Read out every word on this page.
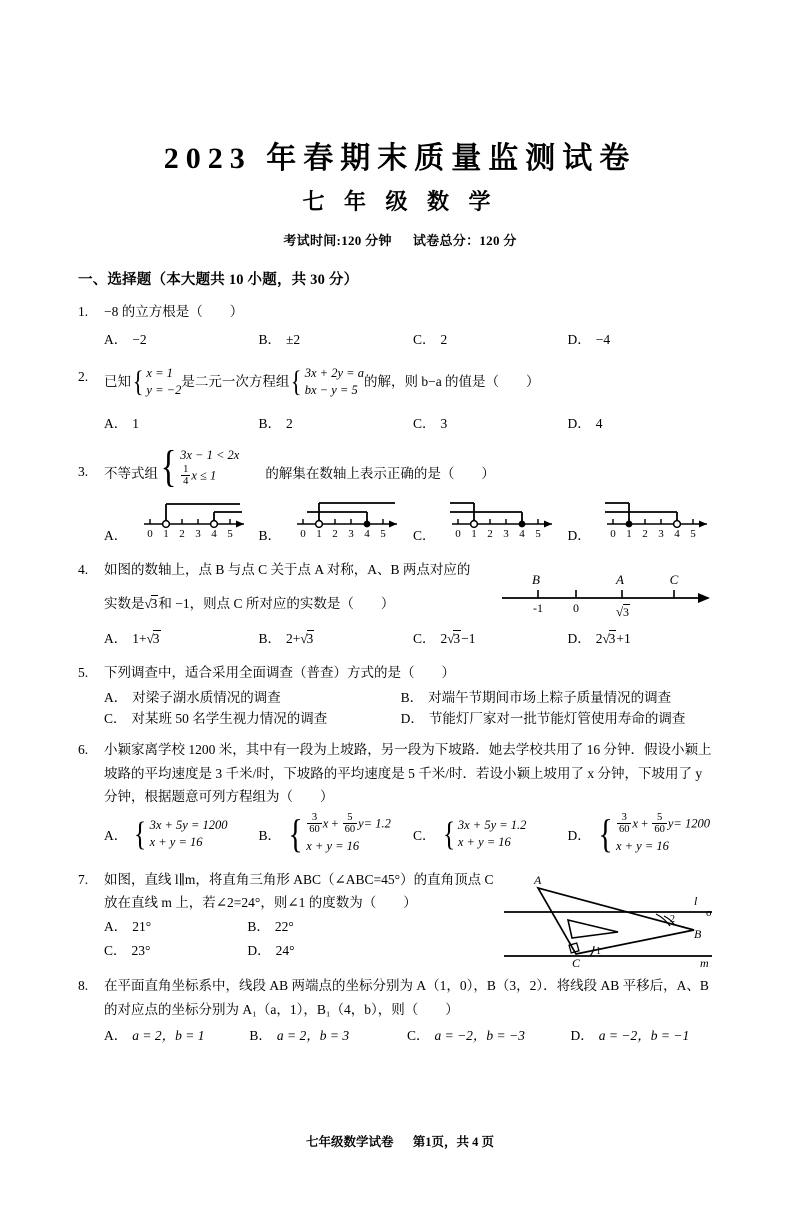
2023 年春期末质量监测试卷
七 年 级 数 学
考试时间:120 分钟 试卷总分：120 分
一、选择题（本大题共 10 小题，共 30 分）
1.	−8 的立方根是（　　）
A． −2	B． ±2	C． 2	D． −4
2.	已知 { x = 1
y = −2
是二元一次方程组 { 3x + 2y = a
bx − y = 5
的解，则 b−a 的值是（　　）
A． 1	B． 2	C． 3	D． 4
3.	不等式组 { 3x − 1 < 2x
$\frac{1}{4}$ x ≤ 1	的解集在数轴上表示正确的是（　　）
A． 0 1 2 3 4 5 B． 0 1 2 3 4 5 C． 0 1 2 3 4 5 D． 0 1 2 3 4 5
4.	如图的数轴上，点 B 与点 C 关于点 A 对称，A、B 两点对应的
实数是√3和 −1，则点 C 所对应的实数是（　　）
B	A	C
-1	0	√ 3
A． 1+√3	B． 2+√3	C． 2√3−1	D． 2√3+1
5.	下列调查中，适合采用全面调查（普查）方式的是（　　）
A． 对梁子湖水质情况的调查	B． 对端午节期间市场上粽子质量情况的调查
C． 对某班 50 名学生视力情况的调查	D． 节能灯厂家对一批节能灯管使用寿命的调查
6.	小颖家离学校 1200 米，其中有一段为上坡路，另一段为下坡路．她去学校共用了 16 分钟．假设小颖上
坡路的平均速度是 3 千米/时，下坡路的平均速度是 5 千米/时．若设小颖上坡用了 x 分钟，下坡用了 y
分钟，根据题意可列方程组为（　　）
A． { 3x + 5y = 1200
x + y = 16	B． { $\frac{3}{60}$ $x + \frac{5}{60} y= 1.2$
x + y = 16
C． { 3x + 5y = 1.2
x + y = 16	D． { $\frac{3}{60}$ $x + \frac{5}{60} y= 1200$
x + y = 16
7.	如图，直线 l∥m，将直角三角形 ABC（∠ABC=45°）的直角顶点 C
放在直线 m 上，若∠2=24°，则∠1 的度数为（　　）
A． 21°	B． 22°
C． 23°	D． 24°
A
B
C
l
o
m
2
1
8.	在平面直角坐标系中，线段 AB 两端点的坐标分别为 A（1，0），B（3，2）．将线段 AB 平移后，A、B
的对应点的坐标分别为 A₁（a，1），B₁（4，b），则（　　）
A． a = 2，b = 1	B． a = 2，b = 3	C． a = −2，b = −3	D． a = −2，b = −1
七年级数学试卷 第1页，共 4 页
